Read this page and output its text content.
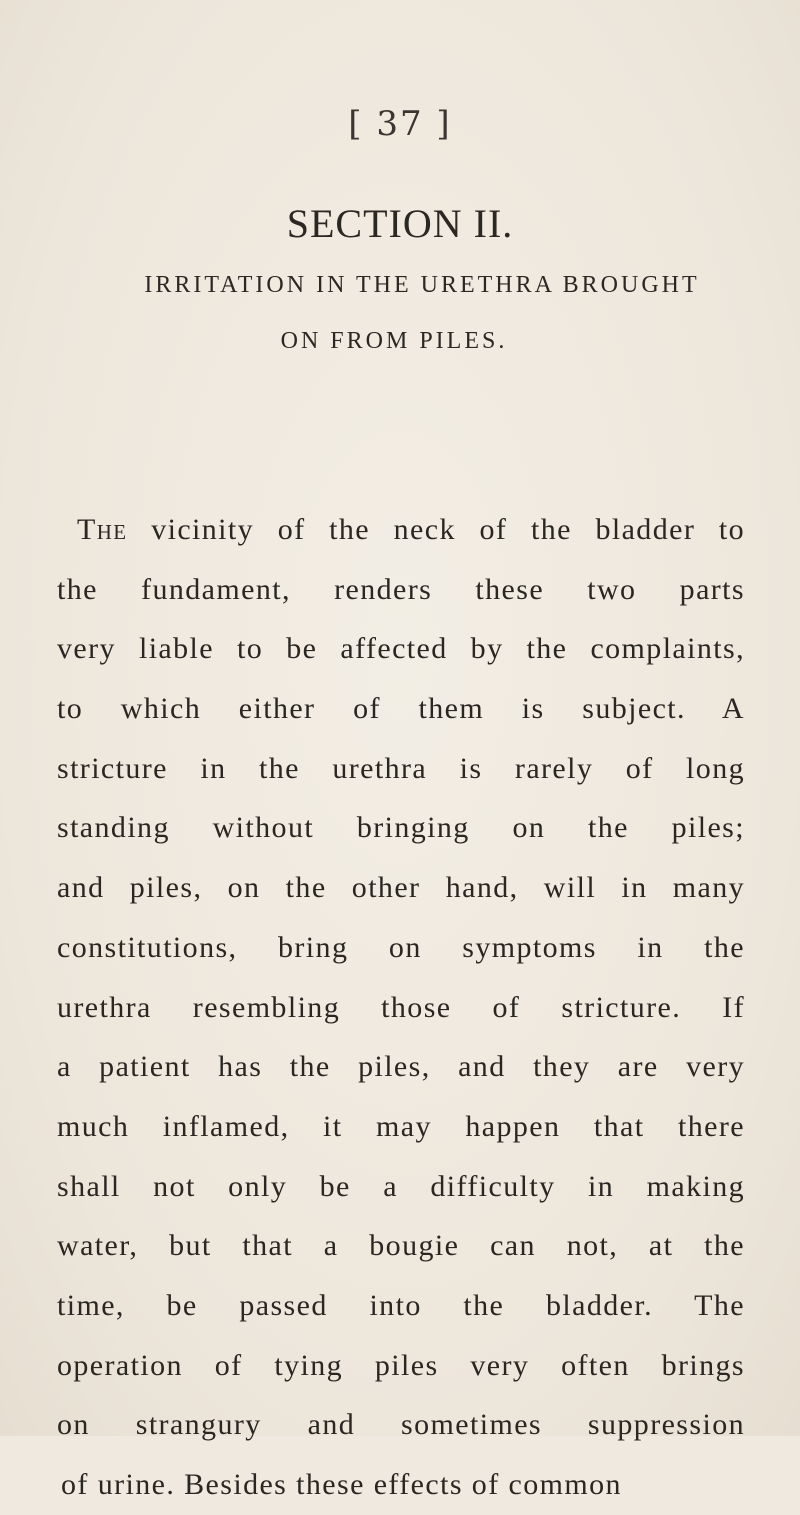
[ 37 ]
SECTION II.
IRRITATION IN THE URETHRA BROUGHT
ON FROM PILES.
The vicinity of the neck of the bladder to
the fundament, renders these two parts
very liable to be affected by the complaints,
to which either of them is subject. A
stricture in the urethra is rarely of long
standing without bringing on the piles;
and piles, on the other hand, will in many
constitutions, bring on symptoms in the
urethra resembling those of stricture. If
a patient has the piles, and they are very
much inflamed, it may happen that there
shall not only be a difficulty in making
water, but that a bougie can not, at the
time, be passed into the bladder. The
operation of tying piles very often brings
on strangury and sometimes suppression
of urine. Besides these effects of common
